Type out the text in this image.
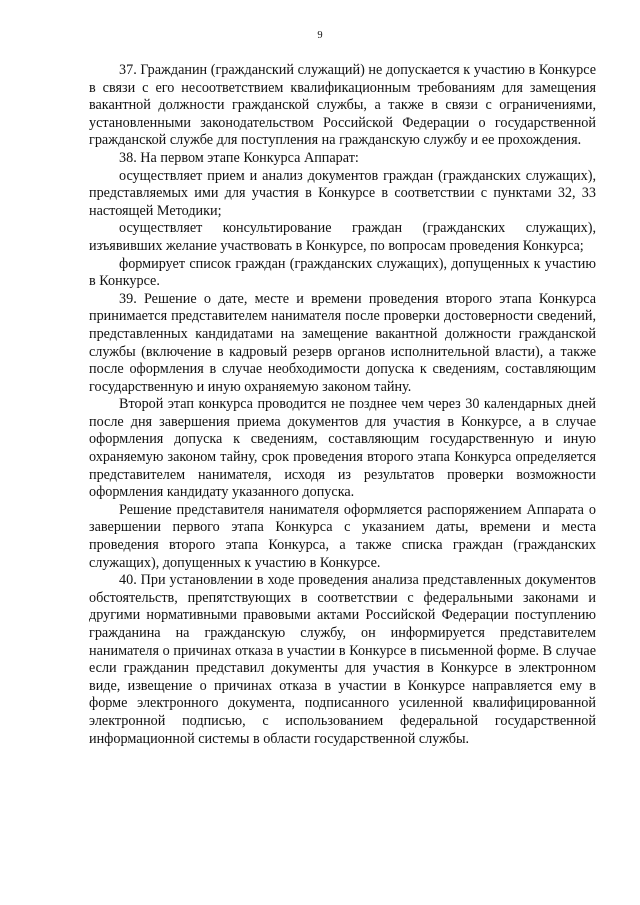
9

37. Гражданин (гражданский служащий) не допускается к участию в Конкурсе в связи с его несоответствием квалификационным требованиям для замещения вакантной должности гражданской службы, а также в связи с ограничениями, установленными законодательством Российской Федерации о государственной гражданской службе для поступления на гражданскую службу и ее прохождения.

38. На первом этапе Конкурса Аппарат:

осуществляет прием и анализ документов граждан (гражданских служащих), представляемых ими для участия в Конкурсе в соответствии с пунктами 32, 33 настоящей Методики;

осуществляет консультирование граждан (гражданских служащих), изъявивших желание участвовать в Конкурсе, по вопросам проведения Конкурса;

формирует список граждан (гражданских служащих), допущенных к участию в Конкурсе.

39. Решение о дате, месте и времени проведения второго этапа Конкурса принимается представителем нанимателя после проверки достоверности сведений, представленных кандидатами на замещение вакантной должности гражданской службы (включение в кадровый резерв органов исполнительной власти), а также после оформления в случае необходимости допуска к сведениям, составляющим государственную и иную охраняемую законом тайну.

Второй этап конкурса проводится не позднее чем через 30 календарных дней после дня завершения приема документов для участия в Конкурсе, а в случае оформления допуска к сведениям, составляющим государственную и иную охраняемую законом тайну, срок проведения второго этапа Конкурса определяется представителем нанимателя, исходя из результатов проверки возможности оформления кандидату указанного допуска.

Решение представителя нанимателя оформляется распоряжением Аппарата о завершении первого этапа Конкурса с указанием даты, времени и места проведения второго этапа Конкурса, а также списка граждан (гражданских служащих), допущенных к участию в Конкурсе.

40. При установлении в ходе проведения анализа представленных документов обстоятельств, препятствующих в соответствии с федеральными законами и другими нормативными правовыми актами Российской Федерации поступлению гражданина на гражданскую службу, он информируется представителем нанимателя о причинах отказа в участии в Конкурсе в письменной форме. В случае если гражданин представил документы для участия в Конкурсе в электронном виде, извещение о причинах отказа в участии в Конкурсе направляется ему в форме электронного документа, подписанного усиленной квалифицированной электронной подписью, с использованием федеральной государственной информационной системы в области государственной службы.
